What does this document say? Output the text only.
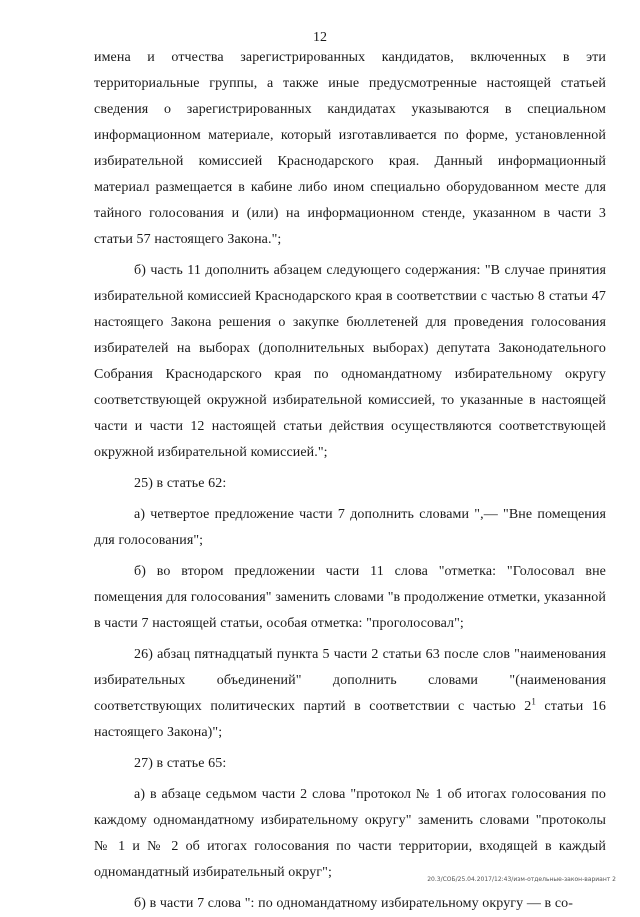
12

имена и отчества зарегистрированных кандидатов, включенных в эти территориальные группы, а также иные предусмотренные настоящей статьей сведения о зарегистрированных кандидатах указываются в специальном информационном материале, который изготавливается по форме, установленной избирательной комиссией Краснодарского края. Данный информационный материал размещается в кабине либо ином специально оборудованном месте для тайного голосования и (или) на информационном стенде, указанном в части 3 статьи 57 настоящего Закона.";

б) часть 11 дополнить абзацем следующего содержания: "В случае принятия избирательной комиссией Краснодарского края в соответствии с частью 8 статьи 47 настоящего Закона решения о закупке бюллетеней для проведения голосования избирателей на выборах (дополнительных выборах) депутата Законодательного Собрания Краснодарского края по одномандатному избирательному округу соответствующей окружной избирательной комиссией, то указанные в настоящей части и части 12 настоящей статьи действия осуществляются соответствующей окружной избирательной комиссией.";

25) в статье 62:

а) четвертое предложение части 7 дополнить словами ",— "Вне помещения для голосования";

б) во втором предложении части 11 слова "отметка: "Голосовал вне помещения для голосования" заменить словами "в продолжение отметки, указанной в части 7 настоящей статьи, особая отметка: "проголосовал";

26) абзац пятнадцатый пункта 5 части 2 статьи 63 после слов "наименования избирательных объединений" дополнить словами "(наименования соответствующих политических партий в соответствии с частью $2^1$ статьи 16 настоящего Закона)";

27) в статье 65:

а) в абзаце седьмом части 2 слова "протокол № 1 об итогах голосования по каждому одномандатному избирательному округу" заменить словами "протоколы № 1 и № 2 об итогах голосования по части территории, входящей в каждый одномандатный избирательный округ";

б) в части 7 слова ": по одномандатному избирательному округу — в со-

20.3/СОБ/25.04.2017/12:43/изм-отдельные-закон-вариант 2
